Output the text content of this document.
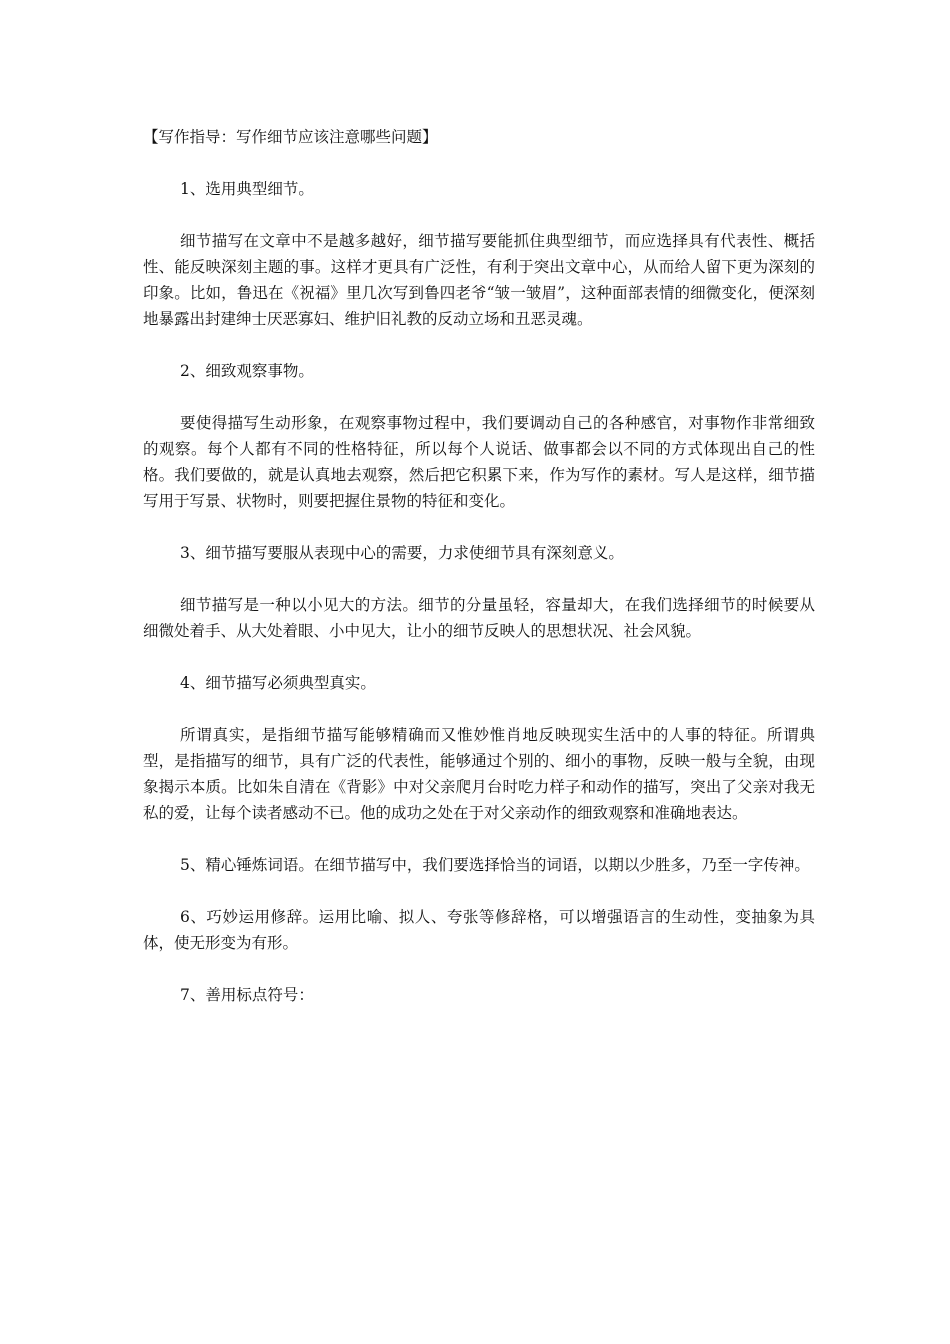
【写作指导：写作细节应该注意哪些问题】

1、选用典型细节。

细节描写在文章中不是越多越好，细节描写要能抓住典型细节，而应选择具有代表性、概括性、能反映深刻主题的事。这样才更具有广泛性，有利于突出文章中心，从而给人留下更为深刻的印象。比如，鲁迅在《祝福》里几次写到鲁四老爷“皱一皱眉”，这种面部表情的细微变化，便深刻地暴露出封建绅士厌恶寡妇、维护旧礼教的反动立场和丑恶灵魂。

2、细致观察事物。

要使得描写生动形象，在观察事物过程中，我们要调动自己的各种感官，对事物作非常细致的观察。每个人都有不同的性格特征，所以每个人说话、做事都会以不同的方式体现出自己的性格。我们要做的，就是认真地去观察，然后把它积累下来，作为写作的素材。写人是这样，细节描写用于写景、状物时，则要把握住景物的特征和变化。

3、细节描写要服从表现中心的需要，力求使细节具有深刻意义。

细节描写是一种以小见大的方法。细节的分量虽轻，容量却大，在我们选择细节的时候要从细微处着手、从大处着眼、小中见大，让小的细节反映人的思想状况、社会风貌。

4、细节描写必须典型真实。

所谓真实，是指细节描写能够精确而又惟妙惟肖地反映现实生活中的人事的特征。所谓典型，是指描写的细节，具有广泛的代表性，能够通过个别的、细小的事物，反映一般与全貌，由现象揭示本质。比如朱自清在《背影》中对父亲爬月台时吃力样子和动作的描写，突出了父亲对我无私的爱，让每个读者感动不已。他的成功之处在于对父亲动作的细致观察和准确地表达。

5、精心锤炼词语。在细节描写中，我们要选择恰当的词语，以期以少胜多，乃至一字传神。

6、巧妙运用修辞。运用比喻、拟人、夸张等修辞格，可以增强语言的生动性，变抽象为具体，使无形变为有形。

7、善用标点符号：
